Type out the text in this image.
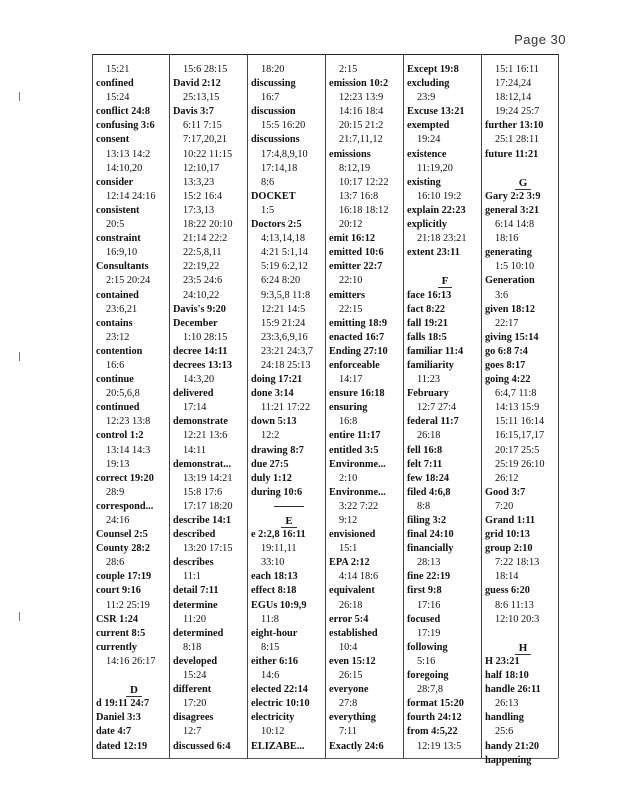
Page 30
15:21
confined
15:24
conflict 24:8
confusing 3:6
consent
13:13 14:2
14:10,20
consider
12:14 24:16
consistent
20:5
constraint
16:9,10
Consultants
2:15 20:24
contained
23:6,21
contains
23:12
contention
16:6
continue
20:5,6,8
continued
12:23 13:8
control 1:2
13:14 14:3
19:13
correct 19:20
28:9
correspond...
24:16
Counsel 2:5
County 28:2
28:6
couple 17:19
court 9:16
11:2 25:19
CSR 1:24
current 8:5
currently
14:16 26:17
D
d 19:11 24:7
Daniel 3:3
date 4:7
dated 12:19
15:6 28:15
David 2:12
25:13,15
Davis 3:7
6:11 7:15
7:17,20,21
10:22 11:15
12:10,17
13:3,23
15:2 16:4
17:3,13
18:22 20:10
21:14 22:2
22:5,8,11
22:19,22
23:5 24:6
24:10,22
Davis's 9:20
December
1:10 28:15
decree 14:11
decrees 13:13
14:3,20
delivered
17:14
demonstrate
12:21 13:6
14:11
demonstrat...
13:19 14:21
15:8 17:6
17:17 18:20
describe 14:1
described
13:20 17:15
describes
11:1
detail 7:11
determine
11:20
determined
8:18
developed
15:24
different
17:20
disagrees
12:7
discussed 6:4
18:20
discussing
16:7
discussion
15:5 16:20
discussions
17:4,8,9,10
17:14,18
8:6
DOCKET
1:5
Doctors 2:5
4:13,14,18
4:21 5:1,14
5:19 6:2,12
6:24 8:20
9:3,5,8 11:8
12:21 14:5
15:9 21:24
23:3,6,9,16
23:21 24:3,7
24:18 25:13
doing 17:21
done 3:14
11:21 17:22
down 5:13
12:2
drawing 8:7
due 27:5
duly 1:12
during 10:6
E
e 2:2,8 16:11
19:11,11
33:10
each 18:13
effect 8:18
EGUs 10:9,9
11:8
eight-hour
8:15
either 6:16
14:6
elected 22:14
electric 10:10
electricity
10:12
ELIZABE...
2:15
emission 10:2
12:23 13:9
14:16 18:4
20:15 21:2
21:7,11,12
emissions
8:12,19
10:17 12:22
13:7 16:8
16:18 18:12
20:12
emit 16:12
emitted 10:6
emitter 22:7
22:10
emitters
22:15
emitting 18:9
enacted 16:7
Ending 27:10
enforceable
14:17
ensure 16:18
ensuring
16:8
entire 11:17
entitled 3:5
Environme...
2:10
Environme...
3:22 7:22
9:12
envisioned
15:1
EPA 2:12
4:14 18:6
equivalent
26:18
error 5:4
established
10:4
even 15:12
26:15
everyone
27:8
everything
7:11
Exactly 24:6
Except 19:8
excluding
23:9
Excuse 13:21
exempted
19:24
existence
11:19,20
existing
16:10 19:2
explain 22:23
explicitly
21:18 23:21
extent 23:11
F
face 16:13
fact 8:22
fall 19:21
falls 18:5
familiar 11:4
familiarity
11:23
February
12:7 27:4
federal 11:7
26:18
fell 16:8
felt 7:11
few 18:24
filed 4:6,8
8:8
filing 3:2
final 24:10
financially
28:13
fine 22:19
first 9:8
17:16
focused
17:19
following
5:16
foregoing
28:7,8
format 15:20
fourth 24:12
from 4:5,22
12:19 13:5
15:1 16:11
17:24,24
18:12,14
19:24 25:7
further 13:10
25:1 28:11
future 11:21
G
Gary 2:2 3:9
general 3:21
6:14 14:8
18:16
generating
1:5 10:10
Generation
3:6
given 18:12
22:17
giving 15:14
go 6:8 7:4
goes 8:17
going 4:22
6:4,7 11:8
14:13 15:9
15:11 16:14
16:15,17,17
20:17 25:5
25:19 26:10
26:12
Good 3:7
7:20
Grand 1:11
grid 10:13
group 2:10
7:22 18:13
18:14
guess 6:20
8:6 11:13
12:10 20:3
H
H 23:21
half 18:10
handle 26:11
26:13
handling
25:6
handy 21:20
happening
